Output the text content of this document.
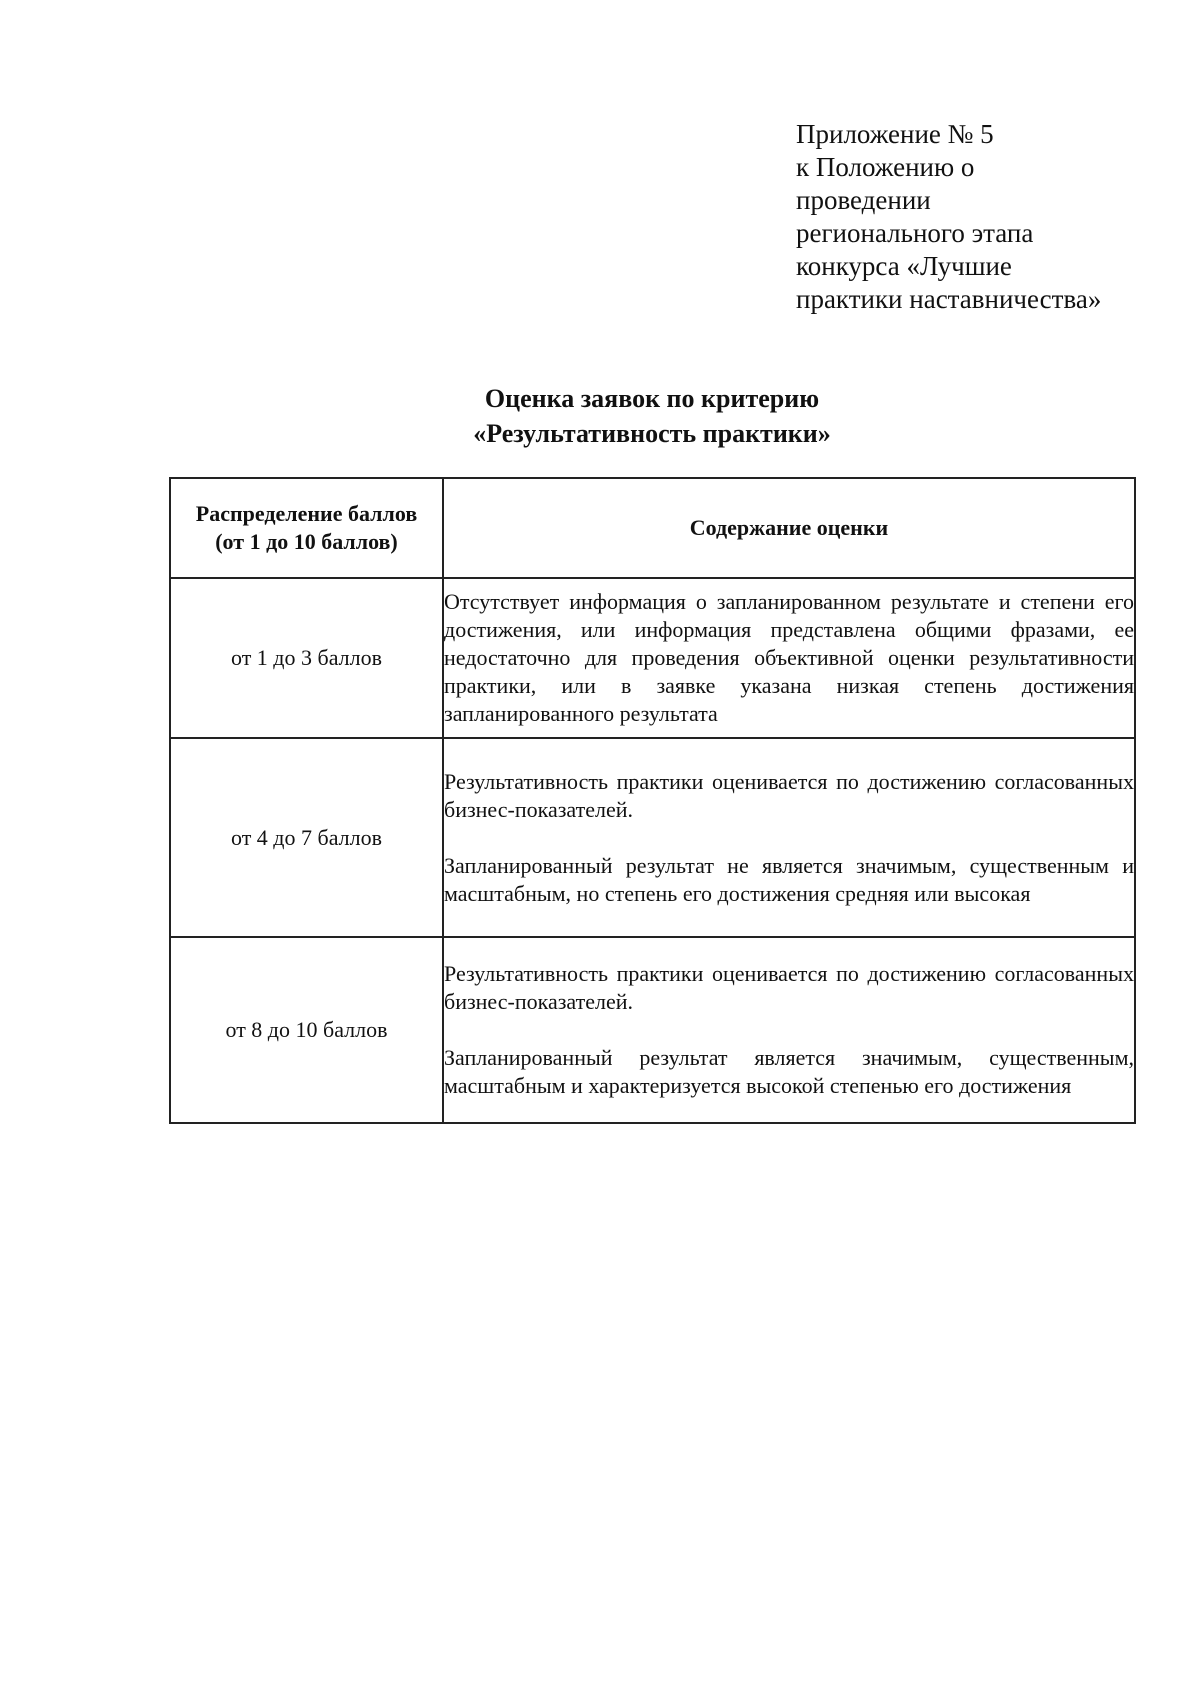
Приложение № 5
к Положению о
проведении
регионального этапа
конкурса «Лучшие
практики наставничества»
Оценка заявок по критерию
«Результативность практики»
Распределение баллов
(от 1 до 10 баллов)	Содержание оценки
от 1 до 3 баллов	Отсутствует информация о запланированном результате и степени его достижения, или информация представлена общими фразами, ее недостаточно для проведения объективной оценки результативности практики, или в заявке указана низкая степень достижения запланированного результата

от 4 до 7 баллов	Результативность практики оценивается по достижению согласованных бизнес-показателей.

Запланированный результат не является значимым, существенным и масштабным, но степень его достижения средняя или высокая

от 8 до 10 баллов	Результативность практики оценивается по достижению согласованных бизнес-показателей.

Запланированный результат является значимым, существенным, масштабным и характеризуется высокой степенью его достижения
